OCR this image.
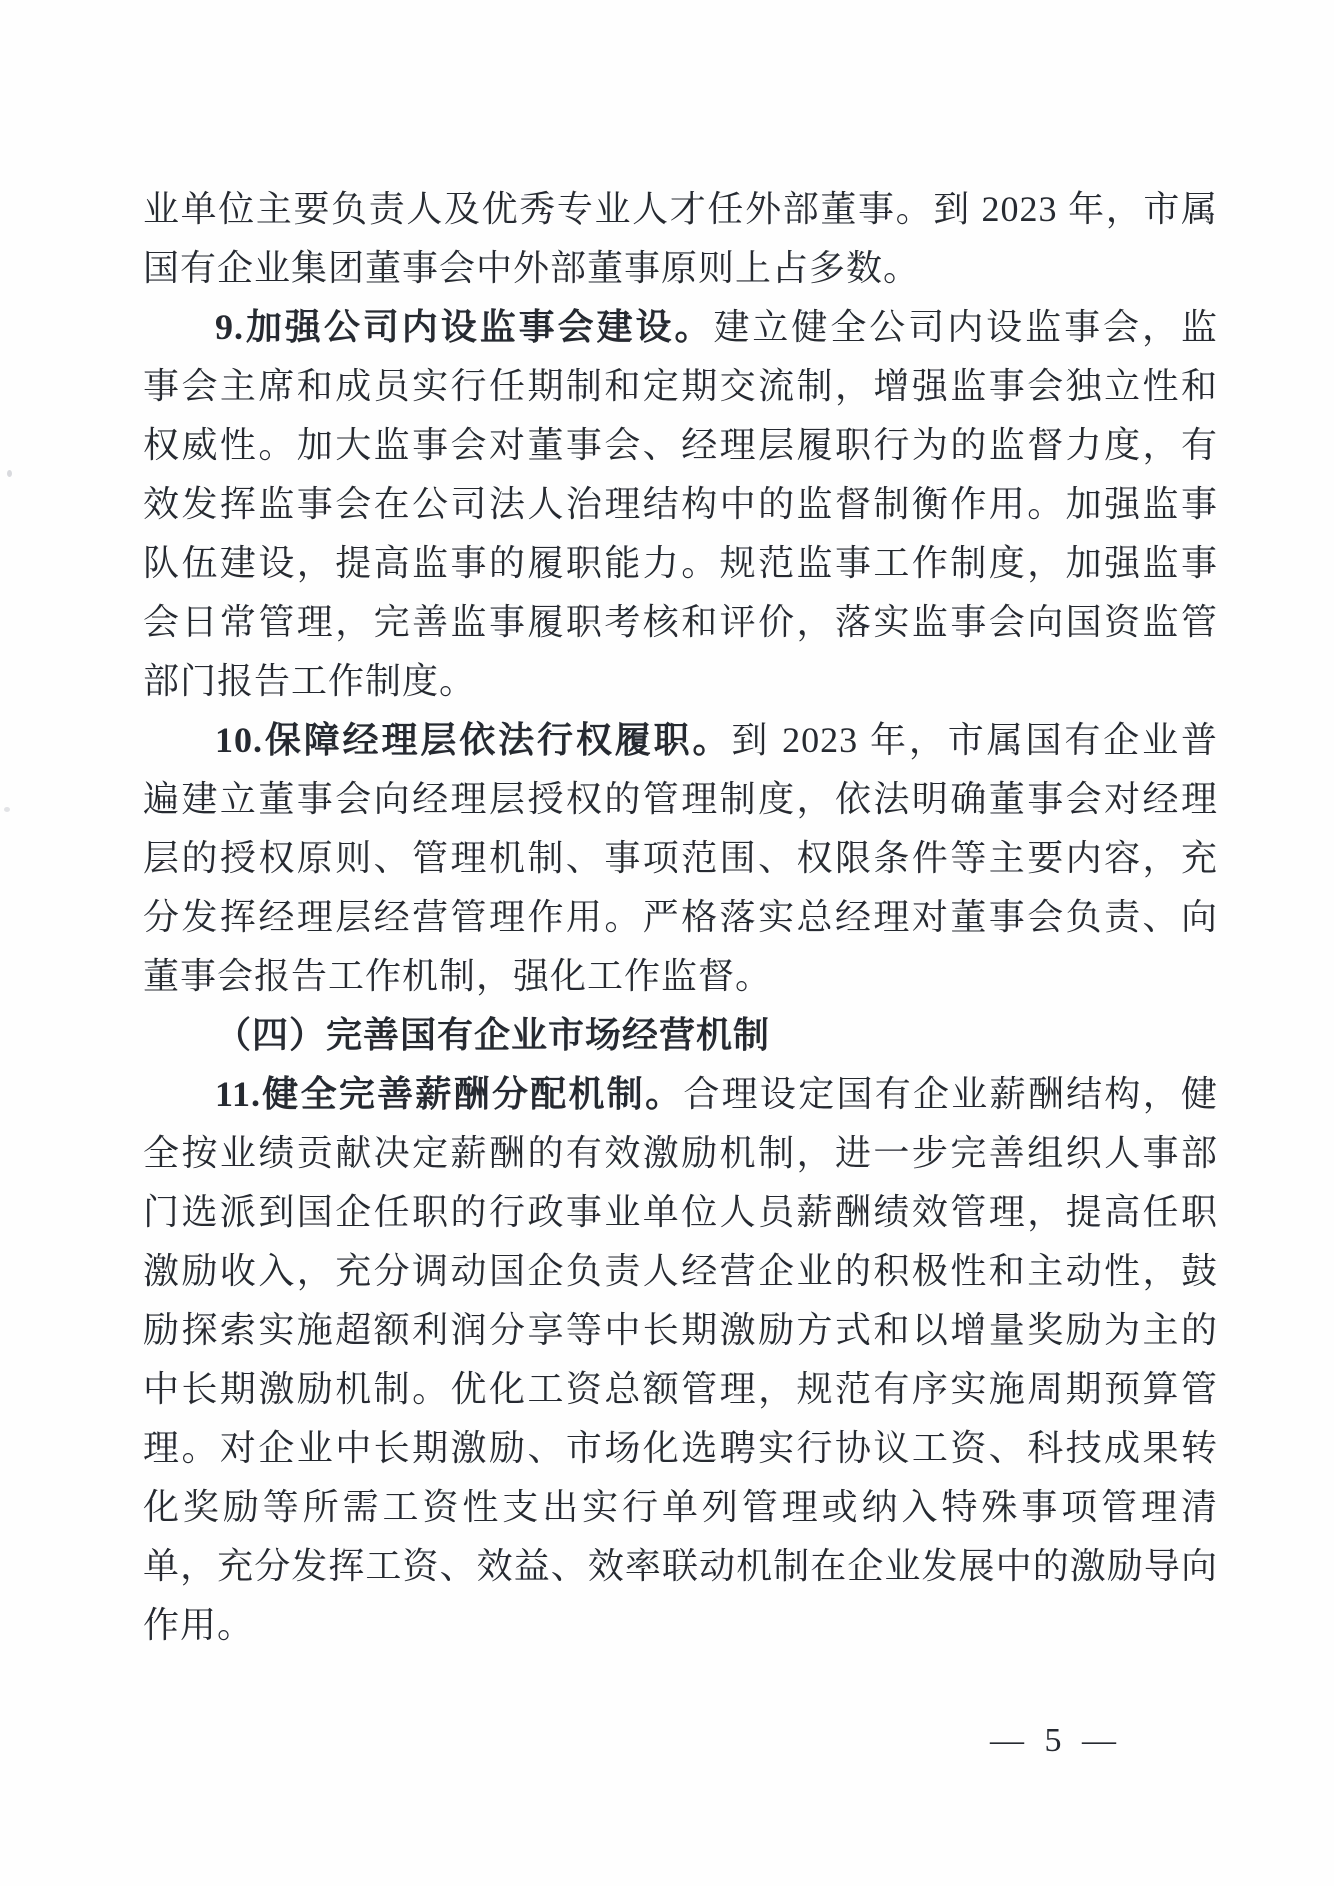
业单位主要负责人及优秀专业人才任外部董事。到 2023 年，市属
国有企业集团董事会中外部董事原则上占多数。
9.加强公司内设监事会建设。建立健全公司内设监事会，监
事会主席和成员实行任期制和定期交流制，增强监事会独立性和
权威性。加大监事会对董事会、经理层履职行为的监督力度，有
效发挥监事会在公司法人治理结构中的监督制衡作用。加强监事
队伍建设，提高监事的履职能力。规范监事工作制度，加强监事
会日常管理，完善监事履职考核和评价，落实监事会向国资监管
部门报告工作制度。
10.保障经理层依法行权履职。到 2023 年，市属国有企业普
遍建立董事会向经理层授权的管理制度，依法明确董事会对经理
层的授权原则、管理机制、事项范围、权限条件等主要内容，充
分发挥经理层经营管理作用。严格落实总经理对董事会负责、向
董事会报告工作机制，强化工作监督。
（四）完善国有企业市场经营机制
11.健全完善薪酬分配机制。合理设定国有企业薪酬结构，健
全按业绩贡献决定薪酬的有效激励机制，进一步完善组织人事部
门选派到国企任职的行政事业单位人员薪酬绩效管理，提高任职
激励收入，充分调动国企负责人经营企业的积极性和主动性，鼓
励探索实施超额利润分享等中长期激励方式和以增量奖励为主的
中长期激励机制。优化工资总额管理，规范有序实施周期预算管
理。对企业中长期激励、市场化选聘实行协议工资、科技成果转
化奖励等所需工资性支出实行单列管理或纳入特殊事项管理清
单，充分发挥工资、效益、效率联动机制在企业发展中的激励导向
作用。
— 5 —
